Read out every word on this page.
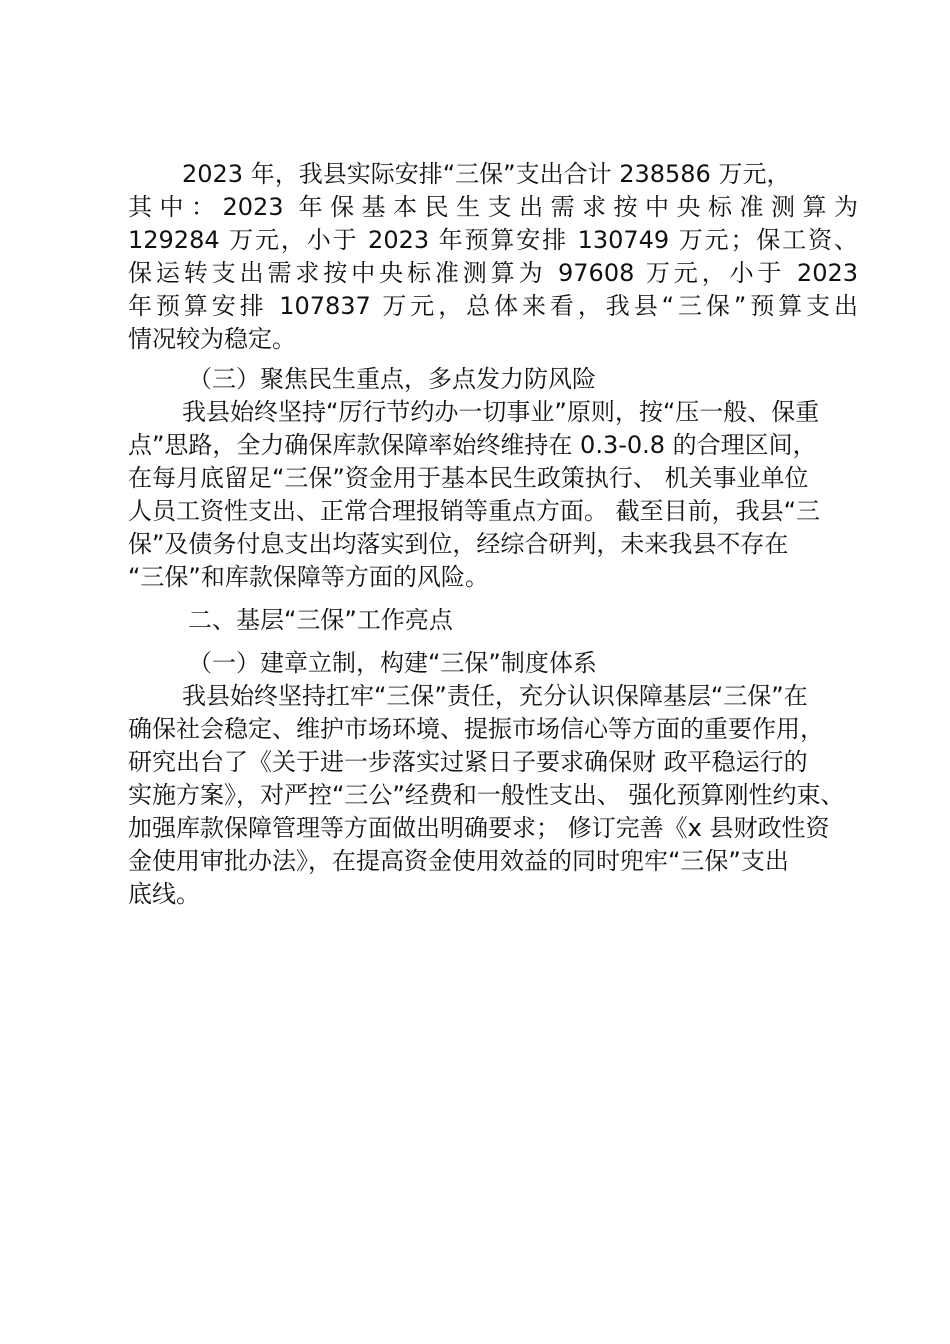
2023 年，我县实际安排“三保”支出合计 238586 万元，
其中：2023 年保基本民生支出需求按中央标准测算为
129284 万元，小于 2023 年预算安排 130749 万元；保工资、
保运转支出需求按中央标准测算为 97608 万元，小于 2023
年预算安排 107837 万元，总体来看，我县“三保”预算支出
情况较为稳定。
（三）聚焦民生重点，多点发力防风险
我县始终坚持“厉行节约办一切事业”原则，按“压一般、保重
点”思路，全力确保库款保障率始终维持在 0.3-0.8 的合理区间，
在每月底留足“三保”资金用于基本民生政策执行、 机关事业单位
人员工资性支出、正常合理报销等重点方面。 截至目前，我县“三
保”及债务付息支出均落实到位，经综合研判，未来我县不存在
“三保”和库款保障等方面的风险。
二、基层“三保”工作亮点
（一）建章立制，构建“三保”制度体系
我县始终坚持扛牢“三保”责任，充分认识保障基层“三保”在
确保社会稳定、维护市场环境、提振市场信心等方面的重要作用，
研究出台了《关于进一步落实过紧日子要求确保财 政平稳运行的
实施方案》，对严控“三公”经费和一般性支出、 强化预算刚性约束、
加强库款保障管理等方面做出明确要求； 修订完善《x 县财政性资
金使用审批办法》，在提高资金使用效益的同时兜牢“三保”支出
底线。
